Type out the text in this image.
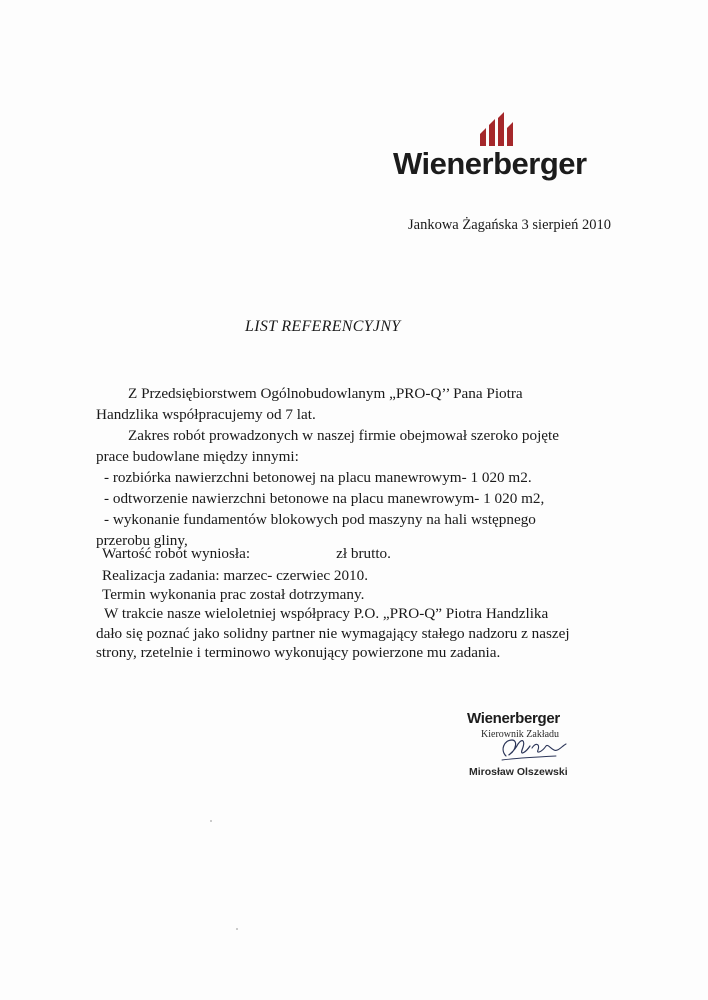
Wienerberger
Jankowa Żagańska 3 sierpień 2010
LIST REFERENCYJNY
Z Przedsiębiorstwem Ogólnobudowlanym „PRO-Q’’ Pana Piotra
Handzlika współpracujemy od 7 lat.
Zakres robót prowadzonych w naszej firmie obejmował szeroko pojęte
prace budowlane między innymi:
- rozbiórka nawierzchni betonowej na placu manewrowym- 1 020 m2.
- odtworzenie nawierzchni betonowe na placu manewrowym- 1 020 m2,
- wykonanie fundamentów blokowych pod maszyny na hali wstępnego
przerobu gliny,
Wartość robót wyniosła:	zł brutto.
Realizacja zadania: marzec- czerwiec 2010.
Termin wykonania prac został dotrzymany.
W trakcie nasze wieloletniej współpracy P.O. „PRO-Q” Piotra Handzlika
dało się poznać jako solidny partner nie wymagający stałego nadzoru z naszej
strony, rzetelnie i terminowo wykonujący powierzone mu zadania.
Wienerberger
Kierownik Zakładu
Mirosław Olszewski
